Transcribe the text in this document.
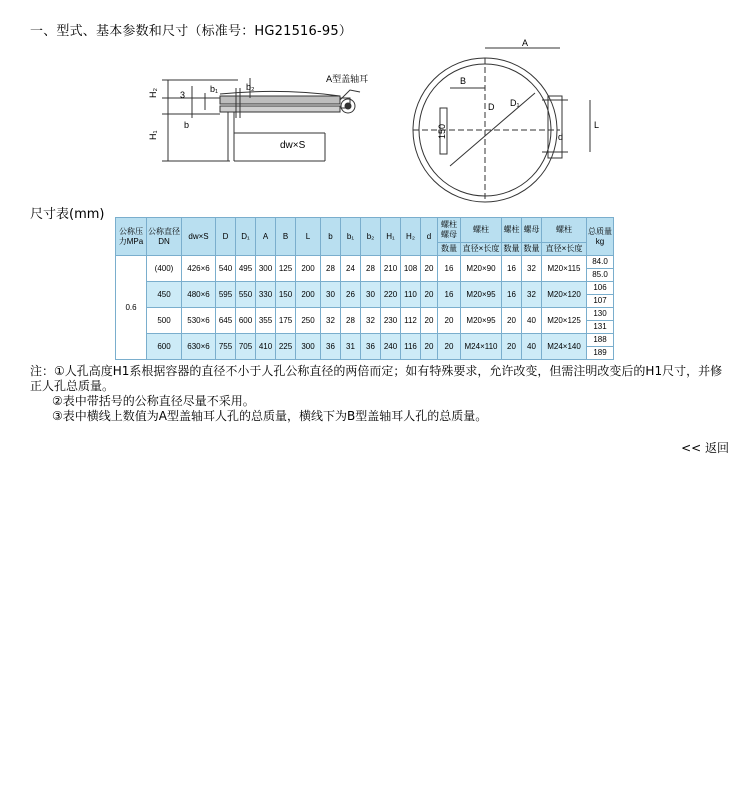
一、型式、基本参数和尺寸（标准号：HG21516-95）
H₂
H₁
3
b
b₂
b₁
dw×S
A型盖轴耳
A
B
D D₁
150	L
d
尺寸表(mm)
公称压力MPa	公称直径DN	dw×S	D	D₁	A	B	L	b	b₁	b₂	H₁	H₂	d	螺柱螺母	螺柱	螺柱	螺母	螺柱	总质量kg

														数量	直径×长度	数量	数量	直径×长度	
0.6	(400)	426×6	540	495	300	125	200	28	24	28	210	108	20	16	M20×90	16	32	M20×115	84.0
																			85.0
	450	480×6	595	550	330	150	200	30	26	30	220	110	20	16	M20×95	16	32	M20×120	106
																			107
	500	530×6	645	600	355	175	250	32	28	32	230	112	20	20	M20×95	20	40	M20×125	130
																			131
	600	630×6	755	705	410	225	300	36	31	36	240	116	20	20	M24×110	20	40	M24×140	188
																			189

注：①人孔高度H1系根据容器的直径不小于人孔公称直径的两倍而定；如有特殊要求，允许改变，但需注明改变后的H1尺寸，并修正人孔总质量。

②表中带括号的公称直径尽量不采用。

③表中横线上数值为A型盖轴耳人孔的总质量，横线下为B型盖轴耳人孔的总质量。

<< 返回
